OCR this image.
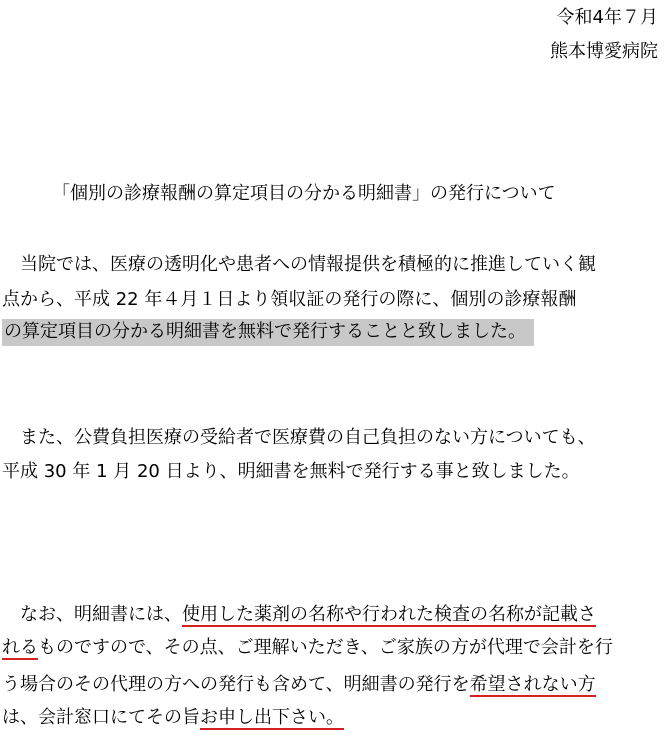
令和4年７月
熊本博愛病院
「個別の診療報酬の算定項目の分かる明細書」の発行について
　当院では、医療の透明化や患者への情報提供を積極的に推進していく観
点から、平成 22 年４月１日より領収証の発行の際に、個別の診療報酬
の算定項目の分かる明細書を無料で発行することと致しました。
　また、公費負担医療の受給者で医療費の自己負担のない方についても、
平成 30 年 1 月 20 日より、明細書を無料で発行する事と致しました。
　なお、明細書には、使用した薬剤の名称や行われた検査の名称が記載さ
れるものですので、その点、ご理解いただき、ご家族の方が代理で会計を行
う場合のその代理の方への発行も含めて、明細書の発行を希望されない方
は、会計窓口にてその旨お申し出下さい。
